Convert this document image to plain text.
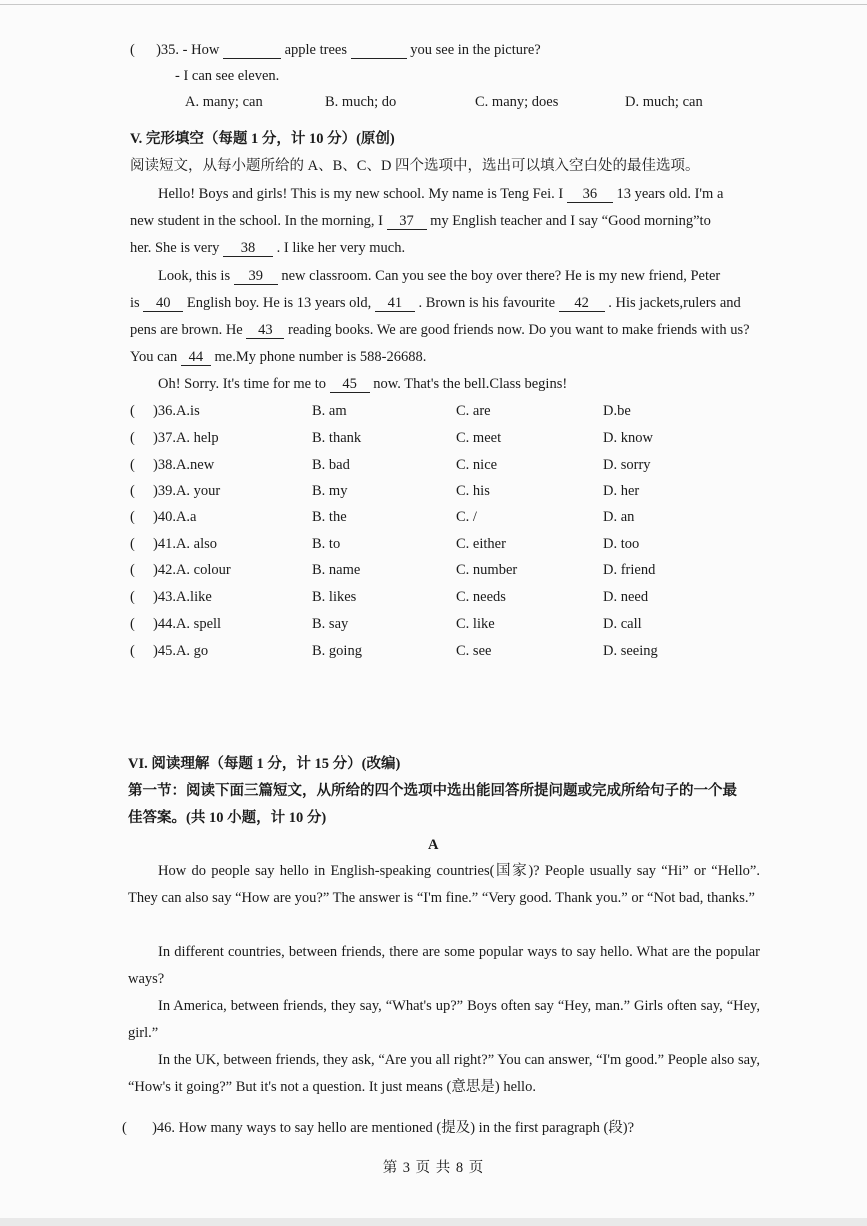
( )35. - How	apple trees	you see in the picture?
- I can see eleven.
A. many; can	B. much; do	C. many; does	D. much; can
V. 完形填空（每题 1 分，计 10 分）(原创)
阅读短文，从每小题所给的 A、B、C、D 四个选项中，选出可以填入空白处的最佳选项。
Hello! Boys and girls! This is my new school. My name is Teng Fei. I 36 13 years old. I'm a
new student in the school. In the morning, I 37 my English teacher and I say “Good morning”to
her. She is very 38 . I like her very much.
Look, this is 39 new classroom. Can you see the boy over there? He is my new friend, Peter
is 40 English boy. He is 13 years old, 41 . Brown is his favourite 42 . His jackets,rulers and
pens are brown. He 43 reading books. We are good friends now. Do you want to make friends with us?
You can 44 me.My phone number is 588-26688.
Oh! Sorry. It's time for me to 45 now. That's the bell.Class begins!
( )36.A.is	B. am	C. are	D.be
( )37.A. help	B. thank	C. meet	D. know
( )38.A.new	B. bad	C. nice	D. sorry
( )39.A. your	B. my	C. his	D. her
( )40.A.a	B. the	C. /	D. an
( )41.A. also	B. to	C. either	D. too
( )42.A. colour	B. name	C. number	D. friend
( )43.A.like	B. likes	C. needs	D. need
( )44.A. spell	B. say	C. like	D. call
( )45.A. go	B. going	C. see	D. seeing
VI. 阅读理解（每题 1 分，计 15 分）(改编)
第一节：阅读下面三篇短文，从所给的四个选项中选出能回答所提问题或完成所给句子的一个最
佳答案。(共 10 小题，计 10 分)
A
How do people say hello in English-speaking countries(国家)? People usually say “Hi” or “Hello”. They can also say “How are you?” The answer is “I'm fine.” “Very good. Thank you.” or “Not bad, thanks.”
In different countries, between friends, there are some popular ways to say hello. What are the popular ways?
In America, between friends, they say, “What's up?” Boys often say “Hey, man.” Girls often say, “Hey, girl.”
In the UK, between friends, they ask, “Are you all right?” You can answer, “I'm good.” People also say, “How's it going?” But it's not a question. It just means (意思是) hello.
( )46. How many ways to say hello are mentioned (提及) in the first paragraph (段)?
第 3 页 共 8 页
